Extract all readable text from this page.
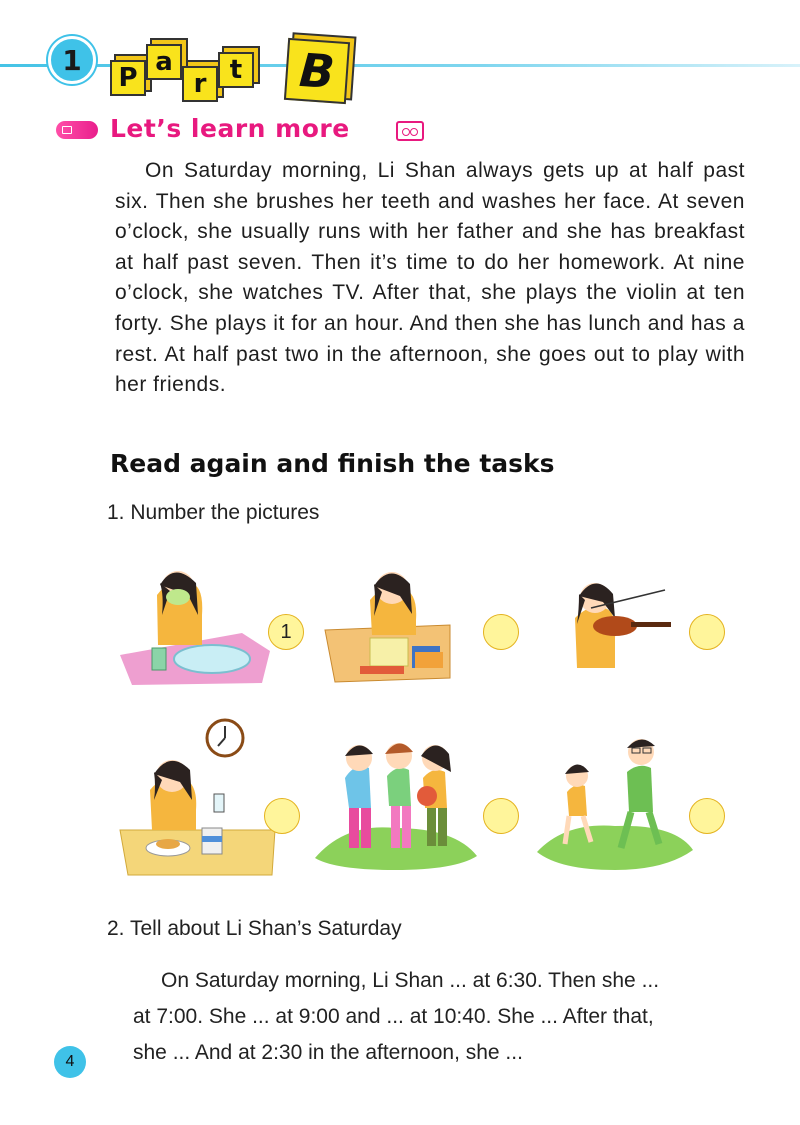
1
P
a
r t B
Let’s learn more
On Saturday morning, Li Shan always gets up at half past six. Then she brushes her teeth and washes her face. At seven o’clock, she usually runs with her father and she has breakfast at half past seven. Then it’s time to do her homework. At nine o’clock, she watches TV. After that, she plays the violin at ten forty. She plays it for an hour. And then she has lunch and has a rest. At half past two in the afternoon, she goes out to play with her friends.
Read again and finish the tasks
1. Number the pictures
1
2. Tell about Li Shan’s Saturday

On Saturday morning, Li Shan ... at 6:30. Then she ...

at 7:00. She ... at 9:00 and ... at 10:40. She ... After that,

she ... And at 2:30 in the afternoon, she ...

4
